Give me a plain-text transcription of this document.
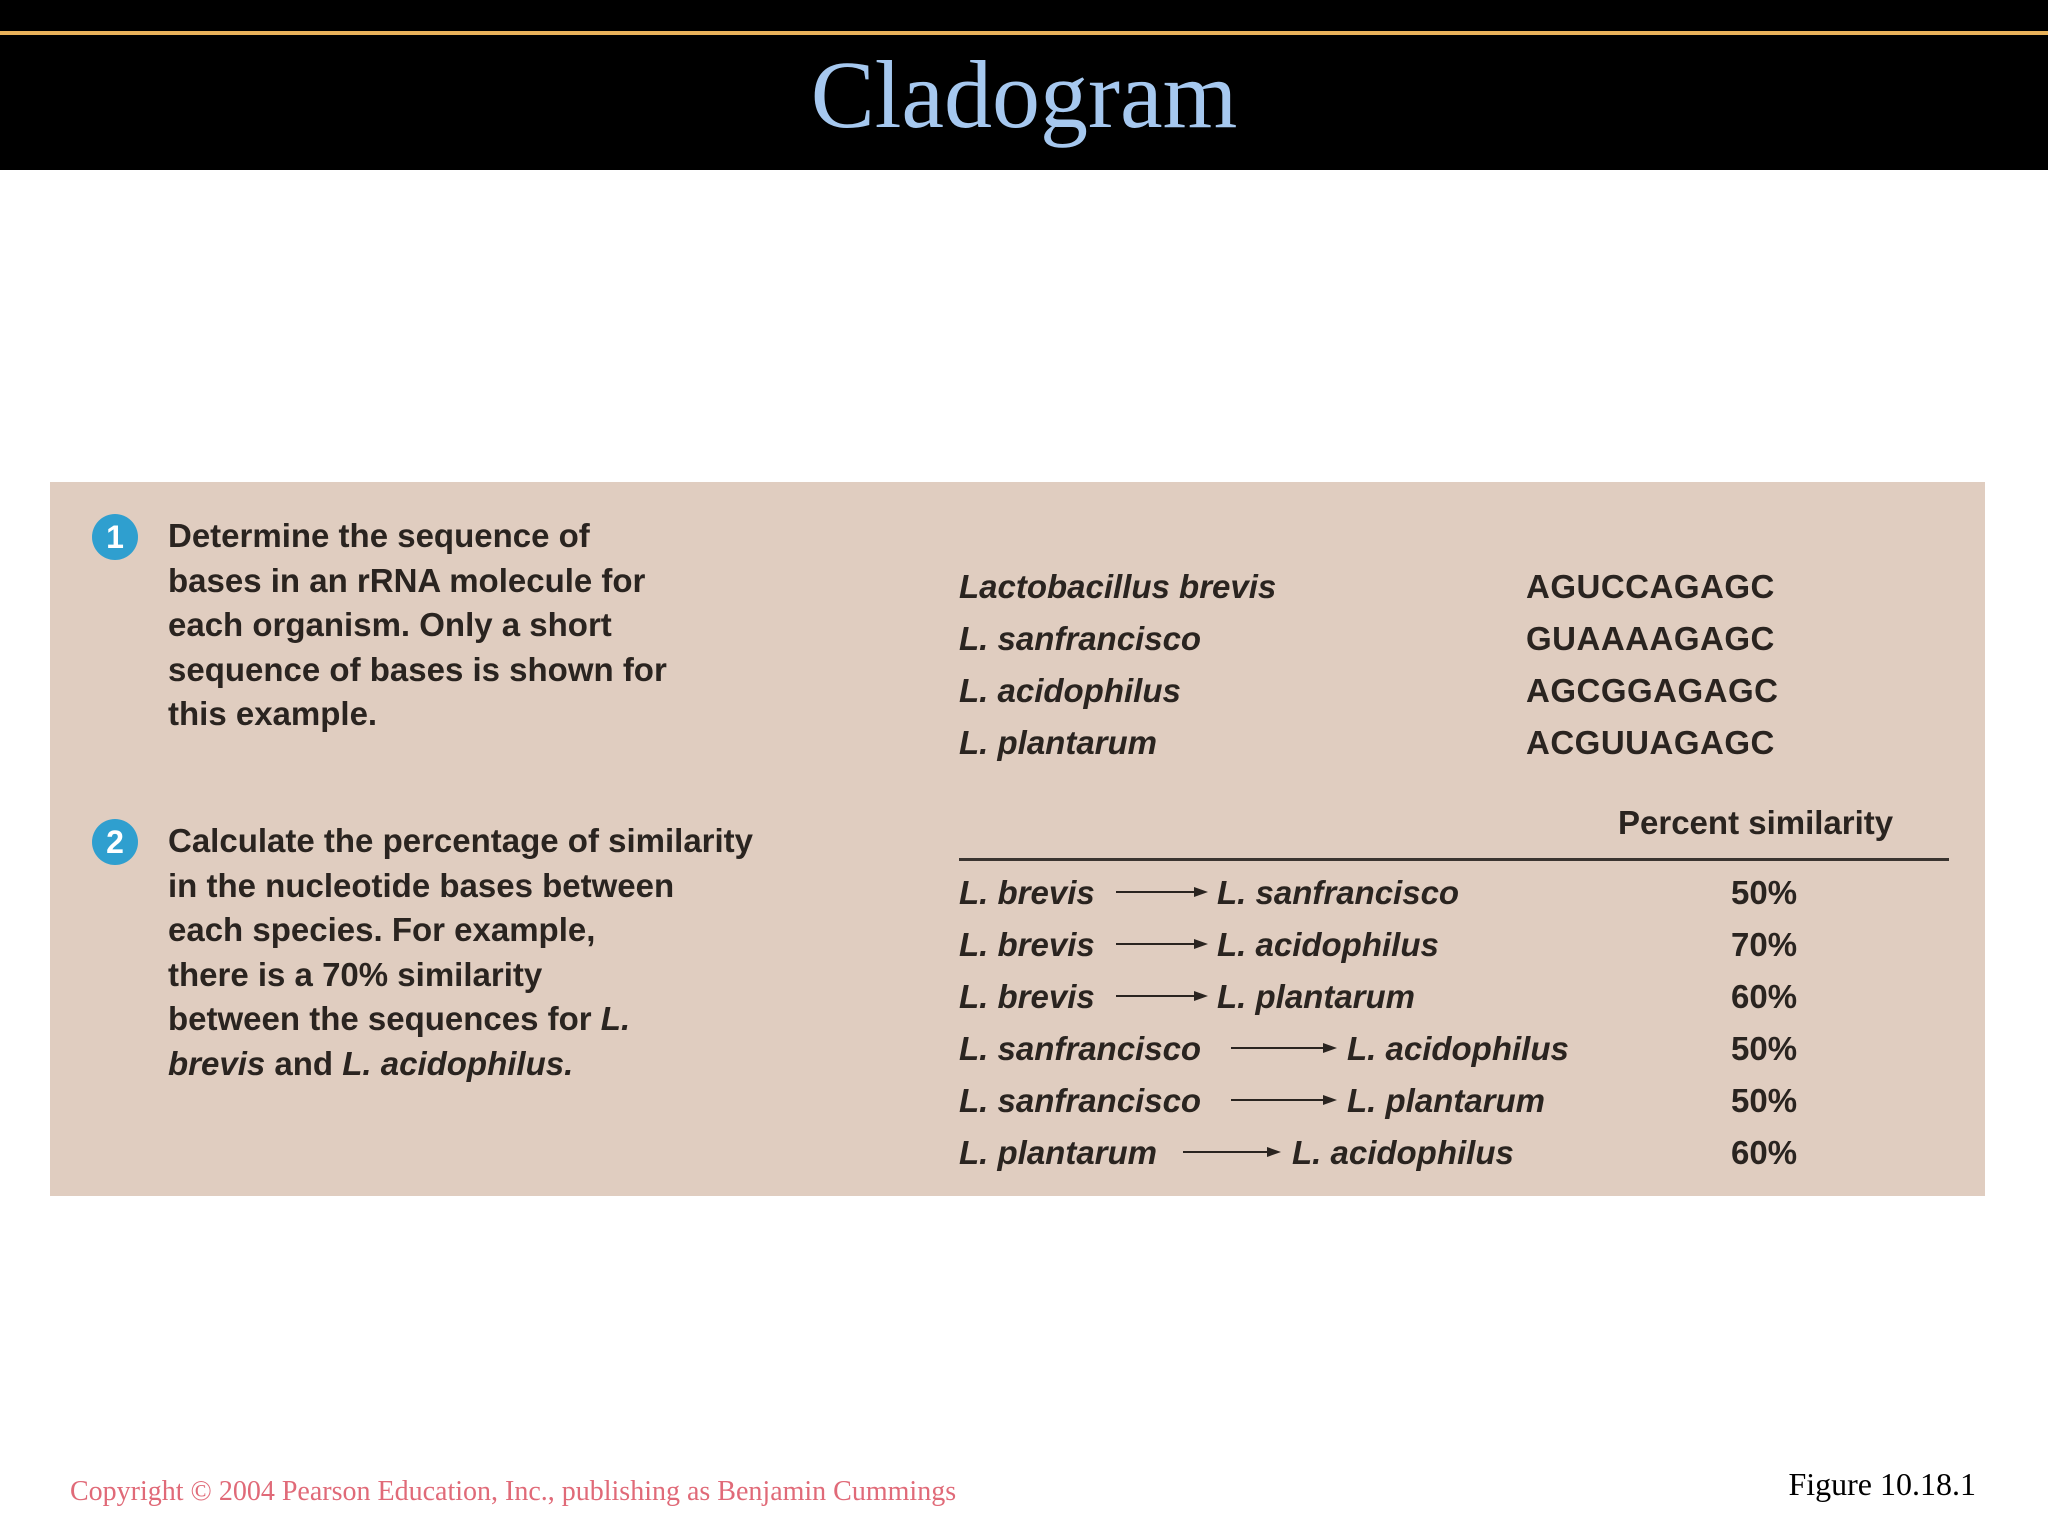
Cladogram
1	Determine the sequence of
bases in an rRNA molecule for
each organism. Only a short
sequence of bases is shown for
this example.
2	Calculate the percentage of similarity
in the nucleotide bases between
each species. For example,
there is a 70% similarity
between the sequences for L.
brevis and L. acidophilus.
Lactobacillus brevis	AGUCCAGAGC
L. sanfrancisco	GUAAAAGAGC
L. acidophilus	AGCGGAGAGC
L. plantarum	ACGUUAGAGC
Percent similarity
L. brevis	L. sanfrancisco	50%
L. brevis	L. acidophilus	70%
L. brevis	L. plantarum	60%
L. sanfrancisco	L. acidophilus	50%
L. sanfrancisco	L. plantarum	50%
L. plantarum	L. acidophilus	60%
Copyright © 2004 Pearson Education, Inc., publishing as Benjamin Cummings	Figure 10.18.1
